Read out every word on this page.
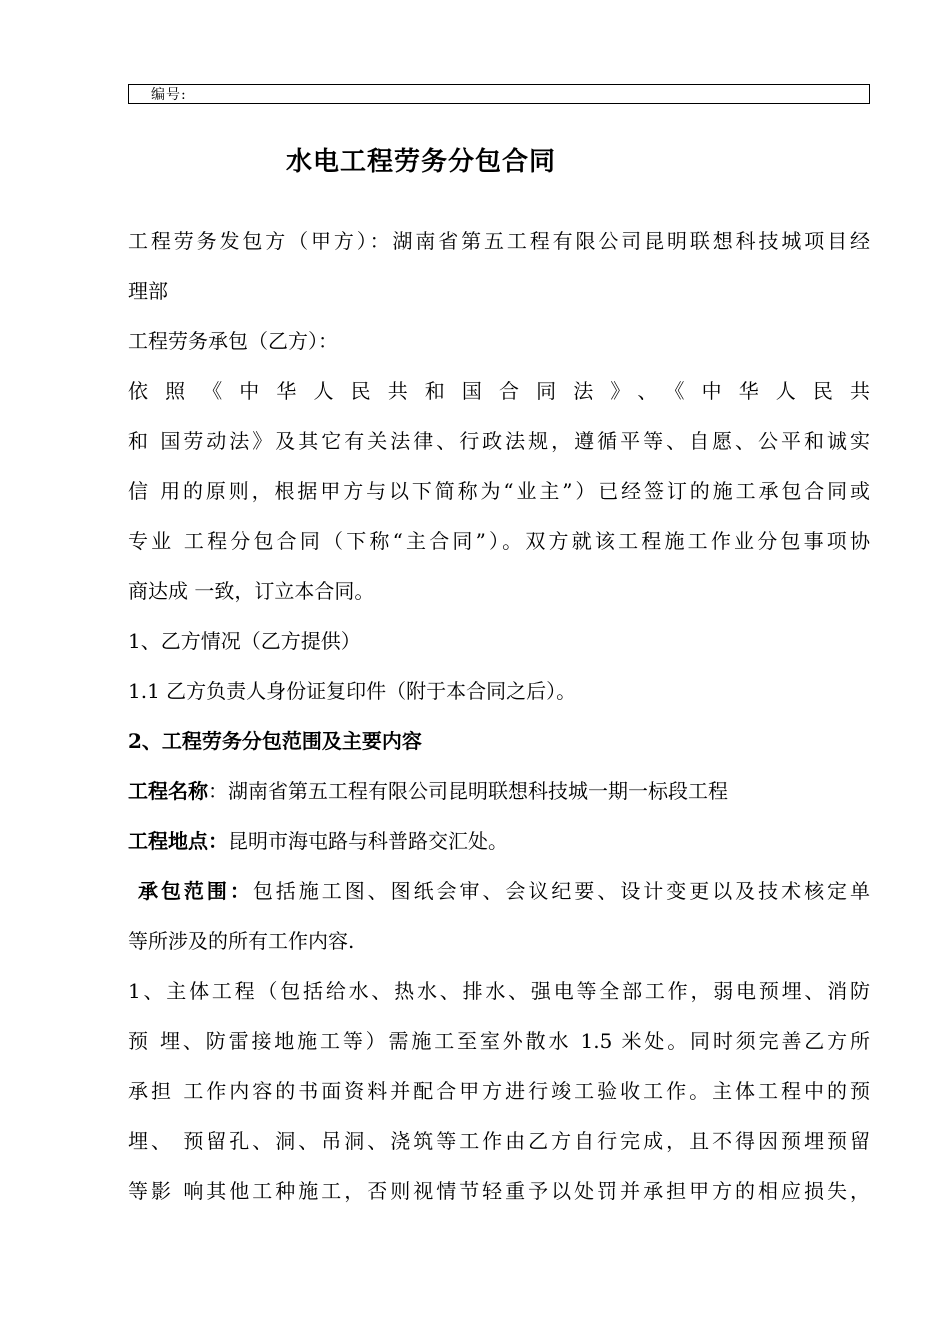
编号:
水电工程劳务分包合同

工程劳务发包方（甲方）：湖南省第五工程有限公司昆明联想科技城项目经

理部

工程劳务承包（乙方）：

依照《中华人民共和国合同法》、《中华人民共

和 国劳动法》及其它有关法律、行政法规，遵循平等、自愿、公平和诚实

信 用的原则，根据甲方与以下简称为“业主”）已经签订的施工承包合同或

专业 工程分包合同（下称“主合同”）。双方就该工程施工作业分包事项协

商达成 一致，订立本合同。

1、乙方情况（乙方提供）

1.1 乙方负责人身份证复印件（附于本合同之后）。

2、工程劳务分包范围及主要内容

工程名称：湖南省第五工程有限公司昆明联想科技城一期一标段工程

工程地点：昆明市海屯路与科普路交汇处。

承包范围：包括施工图、图纸会审、会议纪要、设计变更以及技术核定单

等所涉及的所有工作内容.

1、主体工程（包括给水、热水、排水、强电等全部工作，弱电预埋、消防

预 埋、防雷接地施工等）需施工至室外散水 1.5 米处。同时须完善乙方所

承担 工作内容的书面资料并配合甲方进行竣工验收工作。主体工程中的预

埋、 预留孔、洞、吊洞、浇筑等工作由乙方自行完成，且不得因预埋预留

等影 响其他工种施工，否则视情节轻重予以处罚并承担甲方的相应损失，
